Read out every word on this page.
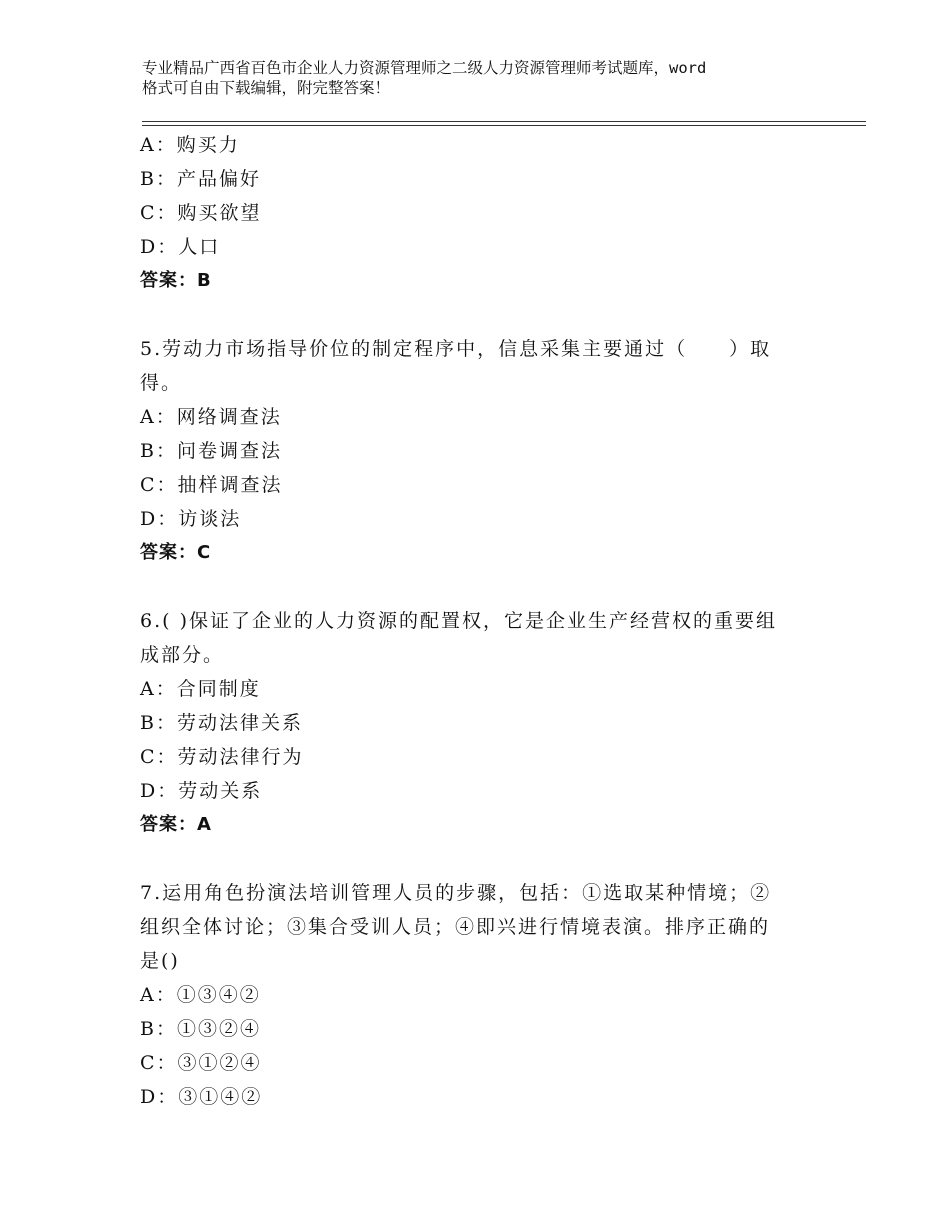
专业精品广西省百色市企业人力资源管理师之二级人力资源管理师考试题库，word
格式可自由下载编辑，附完整答案！
A：购买力
B：产品偏好
C：购买欲望
D：人口
答案：B
5.劳动力市场指导价位的制定程序中，信息采集主要通过（　　）取
得。
A：网络调查法
B：问卷调查法
C：抽样调查法
D：访谈法
答案：C
6.( )保证了企业的人力资源的配置权，它是企业生产经营权的重要组
成部分。
A：合同制度
B：劳动法律关系
C：劳动法律行为
D：劳动关系
答案：A
7.运用角色扮演法培训管理人员的步骤，包括：①选取某种情境；②
组织全体讨论；③集合受训人员；④即兴进行情境表演。排序正确的
是()
A：①③④②
B：①③②④
C：③①②④
D：③①④②
